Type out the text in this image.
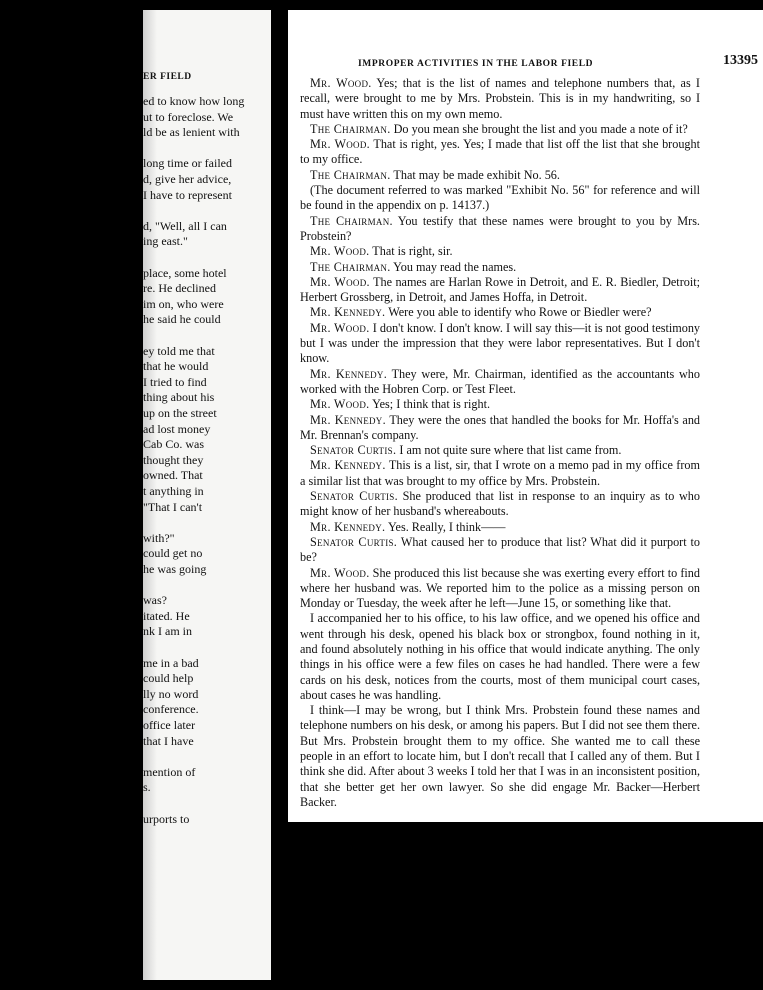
ER FIELD
ed to know how long
ut to foreclose. We
ld be as lenient with
long time or failed
d, give her advice,
I have to represent
d, "Well, all I can
ing east."
place, some hotel
re. He declined
im on, who were
he said he could
ey told me that
that he would
I tried to find
thing about his
up on the street
ad lost money
Cab Co. was
thought they
owned. That
t anything in
"That I can't
with?"
could get no
he was going
was?
itated. He
nk I am in
me in a bad
could help
lly no word
conference.
office later
that I have
mention of
s.
urports to
IMPROPER ACTIVITIES IN THE LABOR FIELD	13395

Mr. Wood. Yes; that is the list of names and telephone numbers that, as I recall, were brought to me by Mrs. Probstein. This is in my handwriting, so I must have written this on my own memo.

The Chairman. Do you mean she brought the list and you made a note of it?

Mr. Wood. That is right, yes. Yes; I made that list off the list that she brought to my office.

The Chairman. That may be made exhibit No. 56.

(The document referred to was marked "Exhibit No. 56" for reference and will be found in the appendix on p. 14137.)

The Chairman. You testify that these names were brought to you by Mrs. Probstein?

Mr. Wood. That is right, sir.

The Chairman. You may read the names.

Mr. Wood. The names are Harlan Rowe in Detroit, and E. R. Biedler, Detroit; Herbert Grossberg, in Detroit, and James Hoffa, in Detroit.

Mr. Kennedy. Were you able to identify who Rowe or Biedler were?

Mr. Wood. I don't know. I don't know. I will say this—it is not good testimony but I was under the impression that they were labor representatives. But I don't know.

Mr. Kennedy. They were, Mr. Chairman, identified as the accountants who worked with the Hobren Corp. or Test Fleet.

Mr. Wood. Yes; I think that is right.

Mr. Kennedy. They were the ones that handled the books for Mr. Hoffa's and Mr. Brennan's company.

Senator Curtis. I am not quite sure where that list came from.

Mr. Kennedy. This is a list, sir, that I wrote on a memo pad in my office from a similar list that was brought to my office by Mrs. Probstein.

Senator Curtis. She produced that list in response to an inquiry as to who might know of her husband's whereabouts.

Mr. Kennedy. Yes. Really, I think——

Senator Curtis. What caused her to produce that list? What did it purport to be?

Mr. Wood. She produced this list because she was exerting every effort to find where her husband was. We reported him to the police as a missing person on Monday or Tuesday, the week after he left—June 15, or something like that.

I accompanied her to his office, to his law office, and we opened his office and went through his desk, opened his black box or strongbox, found nothing in it, and found absolutely nothing in his office that would indicate anything. The only things in his office were a few files on cases he had handled. There were a few cards on his desk, notices from the courts, most of them municipal court cases, about cases he was handling.

I think—I may be wrong, but I think Mrs. Probstein found these names and telephone numbers on his desk, or among his papers. But I did not see them there. But Mrs. Probstein brought them to my office. She wanted me to call these people in an effort to locate him, but I don't recall that I called any of them. But I think she did. After about 3 weeks I told her that I was in an inconsistent position, that she better get her own lawyer. So she did engage Mr. Backer—Herbert Backer.
